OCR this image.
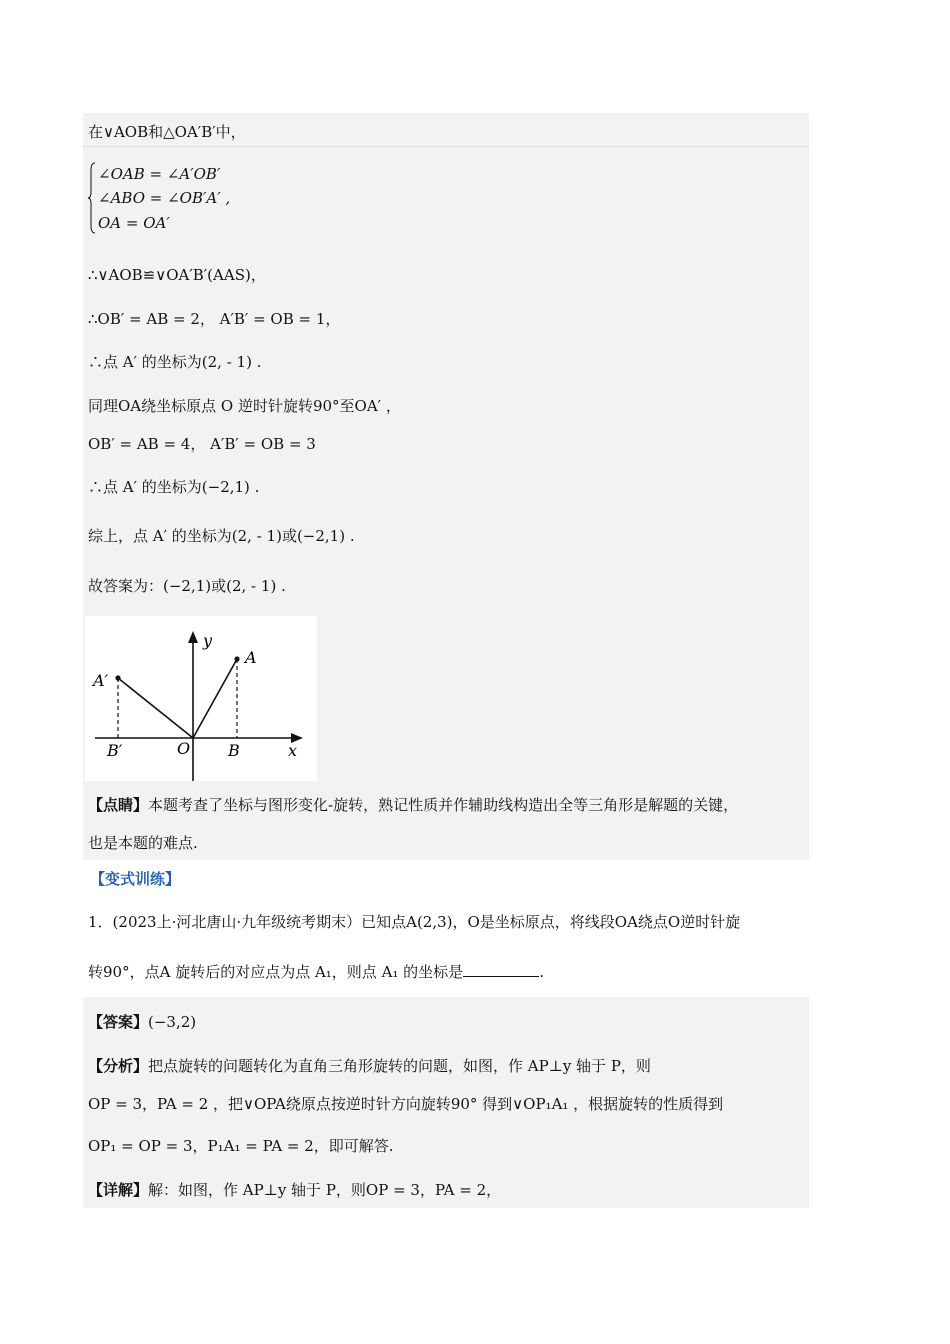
在∨AOB和△OA′B′中，
∠OAB = ∠A′OB′
∠ABO = ∠OB′A′ ,
OA = OA′
∴∨AOB≌∨OA′B′(AAS)，
∴OB′ = AB = 2， A′B′ = OB = 1，
∴点 A′ 的坐标为(2, - 1) .
同理OA绕坐标原点 O 逆时针旋转90°至OA′ ，
OB′ = AB = 4， A′B′ = OB = 3
∴点 A′ 的坐标为(−2,1) .
综上，点 A′ 的坐标为(2, - 1)或(−2,1) .
故答案为：(−2,1)或(2, - 1) .
y
A
A′
B′	O B	x
【点睛】本题考查了坐标与图形变化-旋转，熟记性质并作辅助线构造出全等三角形是解题的关键，
也是本题的难点.
【变式训练】
1．(2023上·河北唐山·九年级统考期末）已知点A(2,3)，O是坐标原点，将线段OA绕点O逆时针旋
转90°，点A 旋转后的对应点为点 A₁，则点 A₁ 的坐标是	.
【答案】(−3,2)
【分析】把点旋转的问题转化为直角三角形旋转的问题，如图，作 AP⊥y 轴于 P，则
OP = 3，PA = 2 ，把∨OPA绕原点按逆时针方向旋转90° 得到∨OP₁A₁ ，根据旋转的性质得到
OP₁ = OP = 3，P₁A₁ = PA = 2，即可解答.
【详解】解：如图，作 AP⊥y 轴于 P，则OP = 3，PA = 2，
